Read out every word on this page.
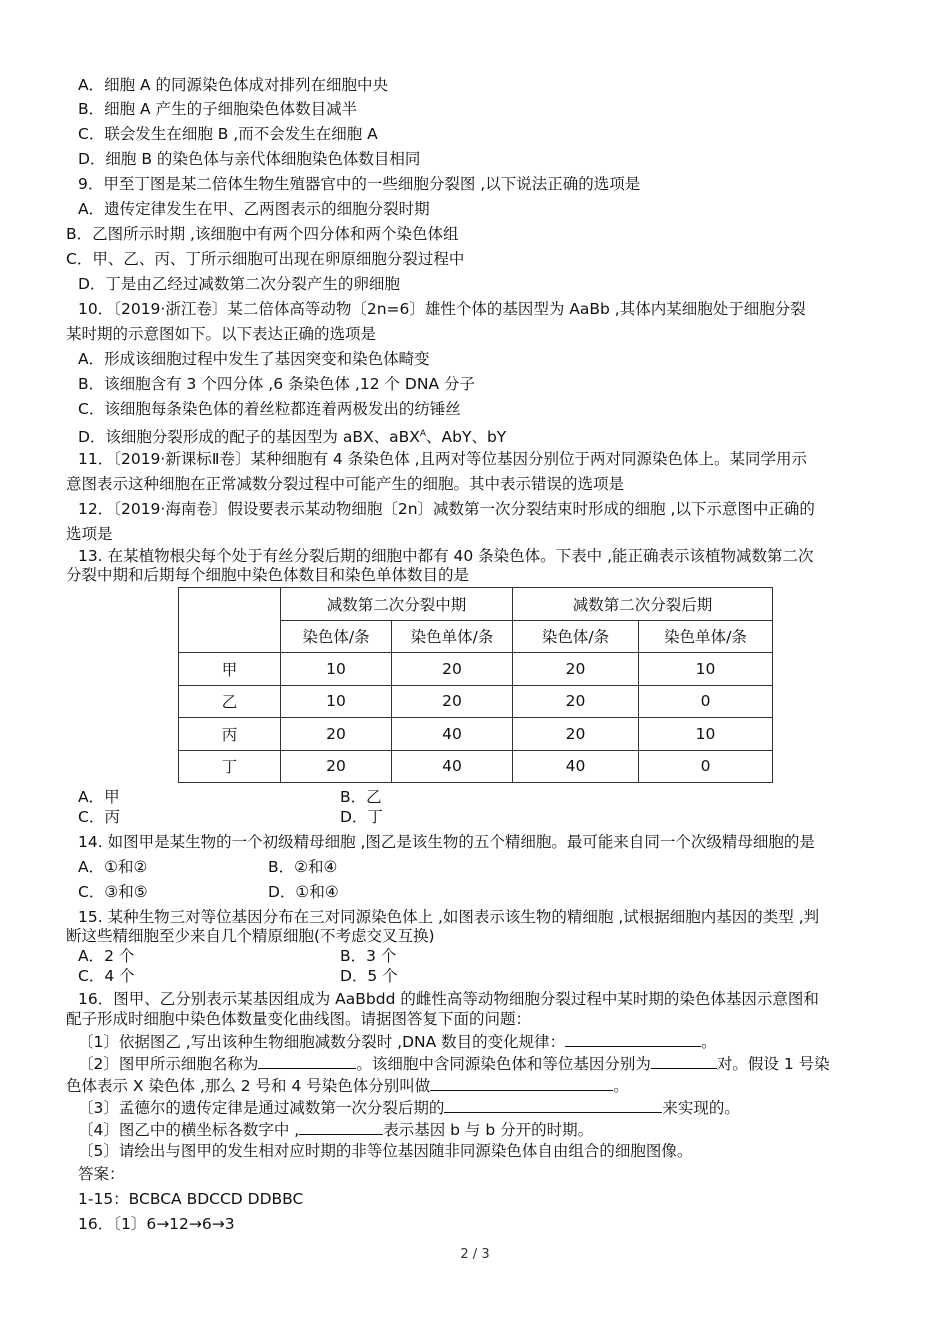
A．细胞 A 的同源染色体成对排列在细胞中央
B．细胞 A 产生的子细胞染色体数目减半
C．联会发生在细胞 B ,而不会发生在细胞 A
D．细胞 B 的染色体与亲代体细胞染色体数目相同
9．甲至丁图是某二倍体生物生殖器官中的一些细胞分裂图 ,以下说法正确的选项是
A．遗传定律发生在甲、乙两图表示的细胞分裂时期
B．乙图所示时期 ,该细胞中有两个四分体和两个染色体组
C．甲、乙、丙、丁所示细胞可出现在卵原细胞分裂过程中
D．丁是由乙经过减数第二次分裂产生的卵细胞
10．〔2019·浙江卷〕某二倍体高等动物〔2n=6〕雄性个体的基因型为 AaBb ,其体内某细胞处于细胞分裂
某时期的示意图如下。以下表达正确的选项是
A．形成该细胞过程中发生了基因突变和染色体畸变
B．该细胞含有 3 个四分体 ,6 条染色体 ,12 个 DNA 分子
C．该细胞每条染色体的着丝粒都连着两极发出的纺锤丝
D．该细胞分裂形成的配子的基因型为 aBX、aBX$^A$、AbY、bY
11．〔2019·新课标Ⅱ卷〕某种细胞有 4 条染色体 ,且两对等位基因分别位于两对同源染色体上。某同学用示
意图表示这种细胞在正常减数分裂过程中可能产生的细胞。其中表示错误的选项是
12．〔2019·海南卷〕假设要表示某动物细胞〔2n〕减数第一次分裂结束时形成的细胞 ,以下示意图中正确的
选项是
13. 在某植物根尖每个处于有丝分裂后期的细胞中都有 40 条染色体。下表中 ,能正确表示该植物减数第二次
分裂中期和后期每个细胞中染色体数目和染色单体数目的是
	减数第二次分裂中期		减数第二次分裂后期	
	染色体/条	染色单体/条	染色体/条	染色单体/条
甲	10	20	20	10
乙	10	20	20	0
丙	20	40	20	10
丁	20	40	40	0
A．甲	B．乙
C．丙	D．丁
14. 如图甲是某生物的一个初级精母细胞 ,图乙是该生物的五个精细胞。最可能来自同一个次级精母细胞的是
A．①和②	B．②和④
C．③和⑤	D．①和④
15. 某种生物三对等位基因分布在三对同源染色体上 ,如图表示该生物的精细胞 ,试根据细胞内基因的类型 ,判
断这些精细胞至少来自几个精原细胞(不考虑交叉互换)
A．2 个	B．3 个
C．4 个	D．5 个
16．图甲、乙分别表示某基因组成为 AaBbdd 的雌性高等动物细胞分裂过程中某时期的染色体基因示意图和
配子形成时细胞中染色体数量变化曲线图。请据图答复下面的问题：
〔1〕依据图乙 ,写出该种生物细胞减数分裂时 ,DNA 数目的变化规律：	。
〔2〕图甲所示细胞名称为	。该细胞中含同源染色体和等位基因分别为	对。假设 1 号染
色体表示 X 染色体 ,那么 2 号和 4 号染色体分别叫做	。
〔3〕孟德尔的遗传定律是通过减数第一次分裂后期的	来实现的。
〔4〕图乙中的横坐标各数字中 ,	表示基因 b 与 b 分开的时期。
〔5〕请绘出与图甲的发生相对应时期的非等位基因随非同源染色体自由组合的细胞图像。
答案：
1-15：BCBCA BDCCD DDBBC
16．〔1〕6→12→6→3
2 / 3
